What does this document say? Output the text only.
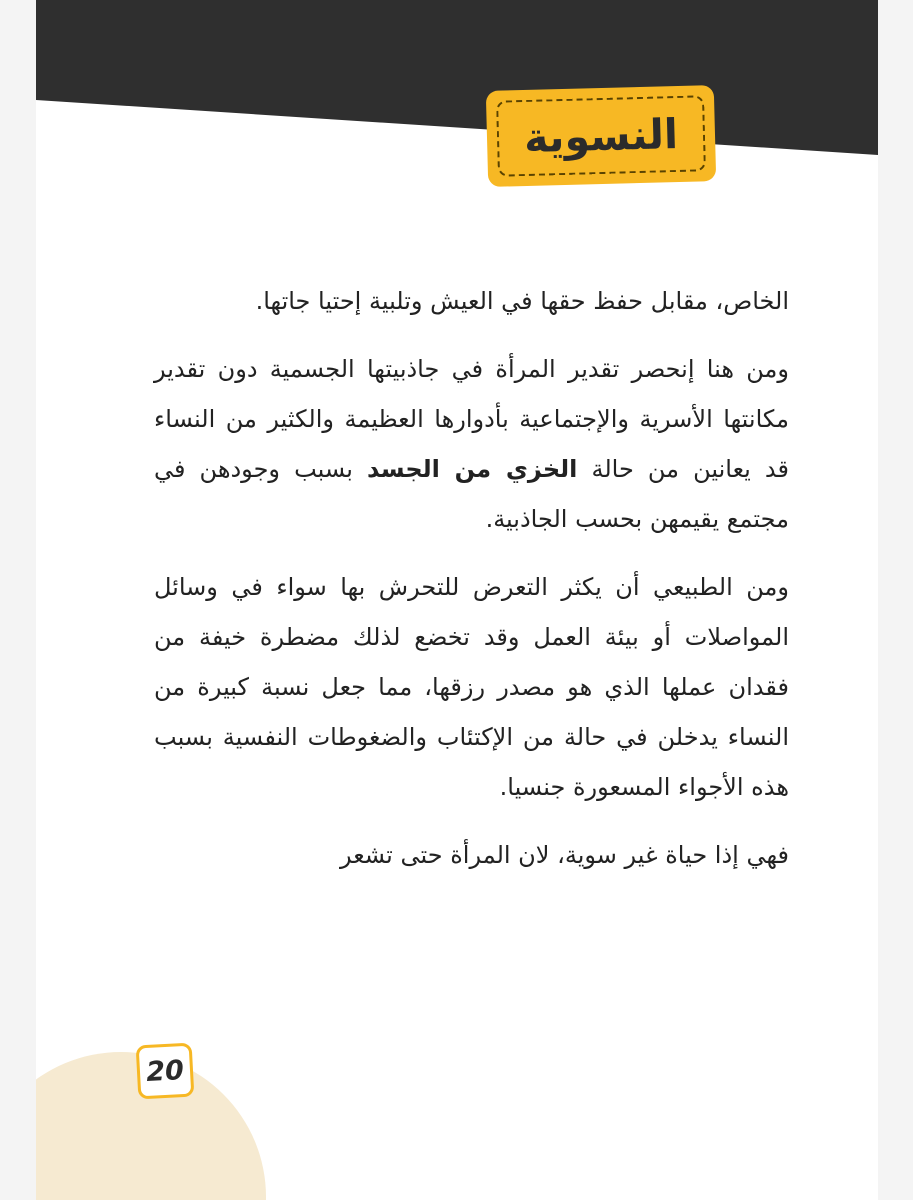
النسوية

الخاص، مقابل حفظ حقها في العيش وتلبية إحتيا جاتها.

ومن هنا إنحصر تقدير المرأة في جاذبيتها الجسمية دون تقدير مكانتها الأسرية والإجتماعية بأدوارها العظيمة والكثير من النساء قد يعانين من حالة الخزي من الجسد بسبب وجودهن في مجتمع يقيمهن بحسب الجاذبية.

ومن الطبيعي أن يكثر التعرض للتحرش بها سواء في وسائل المواصلات أو بيئة العمل وقد تخضع لذلك مضطرة خيفة من فقدان عملها الذي هو مصدر رزقها، مما جعل نسبة كبيرة من النساء يدخلن في حالة من الإكتئاب والضغوطات النفسية بسبب هذه الأجواء المسعورة جنسيا.

فهي إذا حياة غير سوية، لان المرأة حتى تشعر

20
